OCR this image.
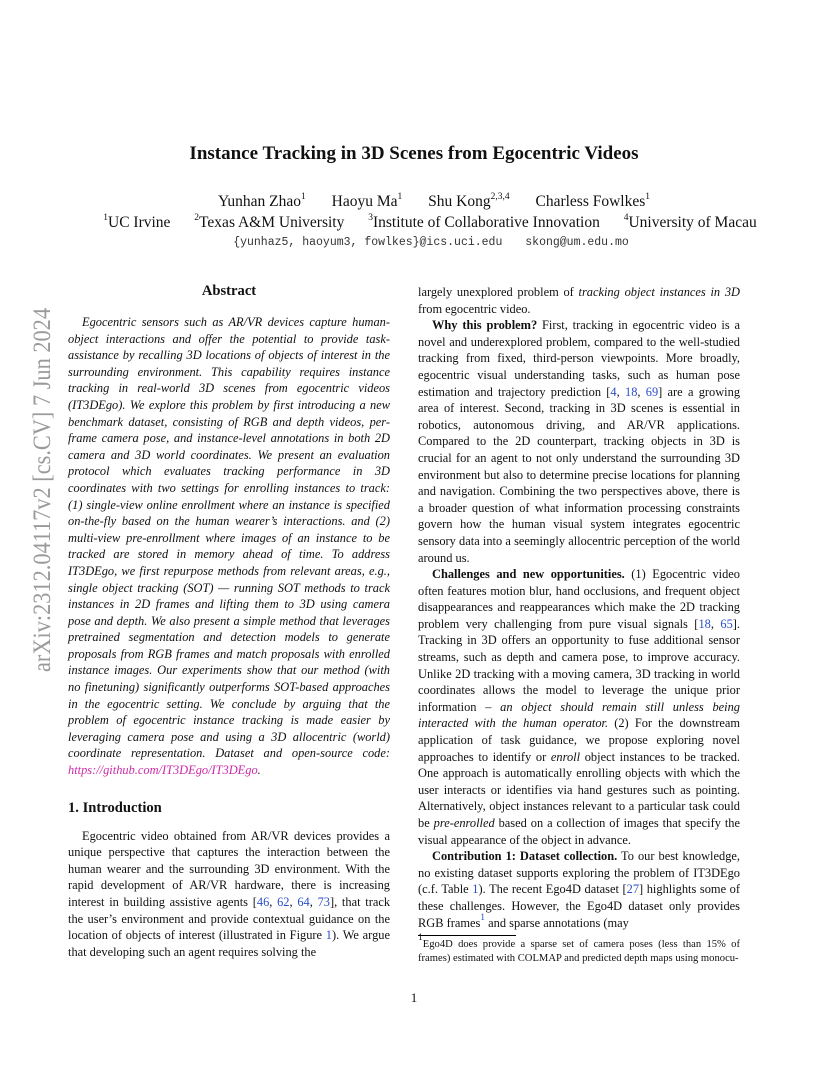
arXiv:2312.04117v2 [cs.CV] 7 Jun 2024
Instance Tracking in 3D Scenes from Egocentric Videos
Yunhan Zhao$^1$ Haoyu Ma$^1$ Shu Kong$^{2,3,4}$ Charless Fowlkes$^1$
$^1$UC Irvine	$^2$Texas A&M University	$^3$Institute of Collaborative Innovation	$^4$University of Macau
{yunhaz5, haoyum3, fowlkes}@ics.uci.edu skong@um.edu.mo
Abstract

Egocentric sensors such as AR/VR devices capture human-object interactions and offer the potential to provide task-assistance by recalling 3D locations of objects of interest in the surrounding environment. This capability requires instance tracking in real-world 3D scenes from egocentric videos (IT3DEgo). We explore this problem by first introducing a new benchmark dataset, consisting of RGB and depth videos, per-frame camera pose, and instance-level annotations in both 2D camera and 3D world coordinates. We present an evaluation protocol which evaluates tracking performance in 3D coordinates with two settings for enrolling instances to track: (1) single-view online enrollment where an instance is specified on-the-fly based on the human wearer’s interactions. and (2) multi-view pre-enrollment where images of an instance to be tracked are stored in memory ahead of time. To address IT3DEgo, we first repurpose methods from relevant areas, e.g., single object tracking (SOT) — running SOT methods to track instances in 2D frames and lifting them to 3D using camera pose and depth. We also present a simple method that leverages pretrained segmentation and detection models to generate proposals from RGB frames and match proposals with enrolled instance images. Our experiments show that our method (with no finetuning) significantly outperforms SOT-based approaches in the egocentric setting. We conclude by arguing that the problem of egocentric instance tracking is made easier by leveraging camera pose and using a 3D allocentric (world) coordinate representation. Dataset and open-source code: https://github.com/IT3DEgo/IT3DEgo.

1. Introduction

Egocentric video obtained from AR/VR devices provides a unique perspective that captures the interaction between the human wearer and the surrounding 3D environment. With the rapid development of AR/VR hardware, there is increasing interest in building assistive agents [46, 62, 64, 73], that track the user’s environment and provide contextual guidance on the location of objects of interest (illustrated in Figure 1). We argue that developing such an agent requires solving the

largely unexplored problem of tracking object instances in 3D from egocentric video.

Why this problem? First, tracking in egocentric video is a novel and underexplored problem, compared to the well-studied tracking from fixed, third-person viewpoints. More broadly, egocentric visual understanding tasks, such as human pose estimation and trajectory prediction [4, 18, 69] are a growing area of interest. Second, tracking in 3D scenes is essential in robotics, autonomous driving, and AR/VR applications. Compared to the 2D counterpart, tracking objects in 3D is crucial for an agent to not only understand the surrounding 3D environment but also to determine precise locations for planning and navigation. Combining the two perspectives above, there is a broader question of what information processing constraints govern how the human visual system integrates egocentric sensory data into a seemingly allocentric perception of the world around us.

Challenges and new opportunities. (1) Egocentric video often features motion blur, hand occlusions, and frequent object disappearances and reappearances which make the 2D tracking problem very challenging from pure visual signals [18, 65]. Tracking in 3D offers an opportunity to fuse additional sensor streams, such as depth and camera pose, to improve accuracy. Unlike 2D tracking with a moving camera, 3D tracking in world coordinates allows the model to leverage the unique prior information – an object should remain still unless being interacted with the human operator. (2) For the downstream application of task guidance, we propose exploring novel approaches to identify or enroll object instances to be tracked. One approach is automatically enrolling objects with which the user interacts or identifies via hand gestures such as pointing. Alternatively, object instances relevant to a particular task could be pre-enrolled based on a collection of images that specify the visual appearance of the object in advance.

Contribution 1: Dataset collection. To our best knowledge, no existing dataset supports exploring the problem of IT3DEgo (c.f. Table 1). The recent Ego4D dataset [27] highlights some of these challenges. However, the Ego4D dataset only provides RGB frames$^1$ and sparse annotations (may

$^1$Ego4D does provide a sparse set of camera poses (less than 15% of frames) estimated with COLMAP and predicted depth maps using monocu-
1
